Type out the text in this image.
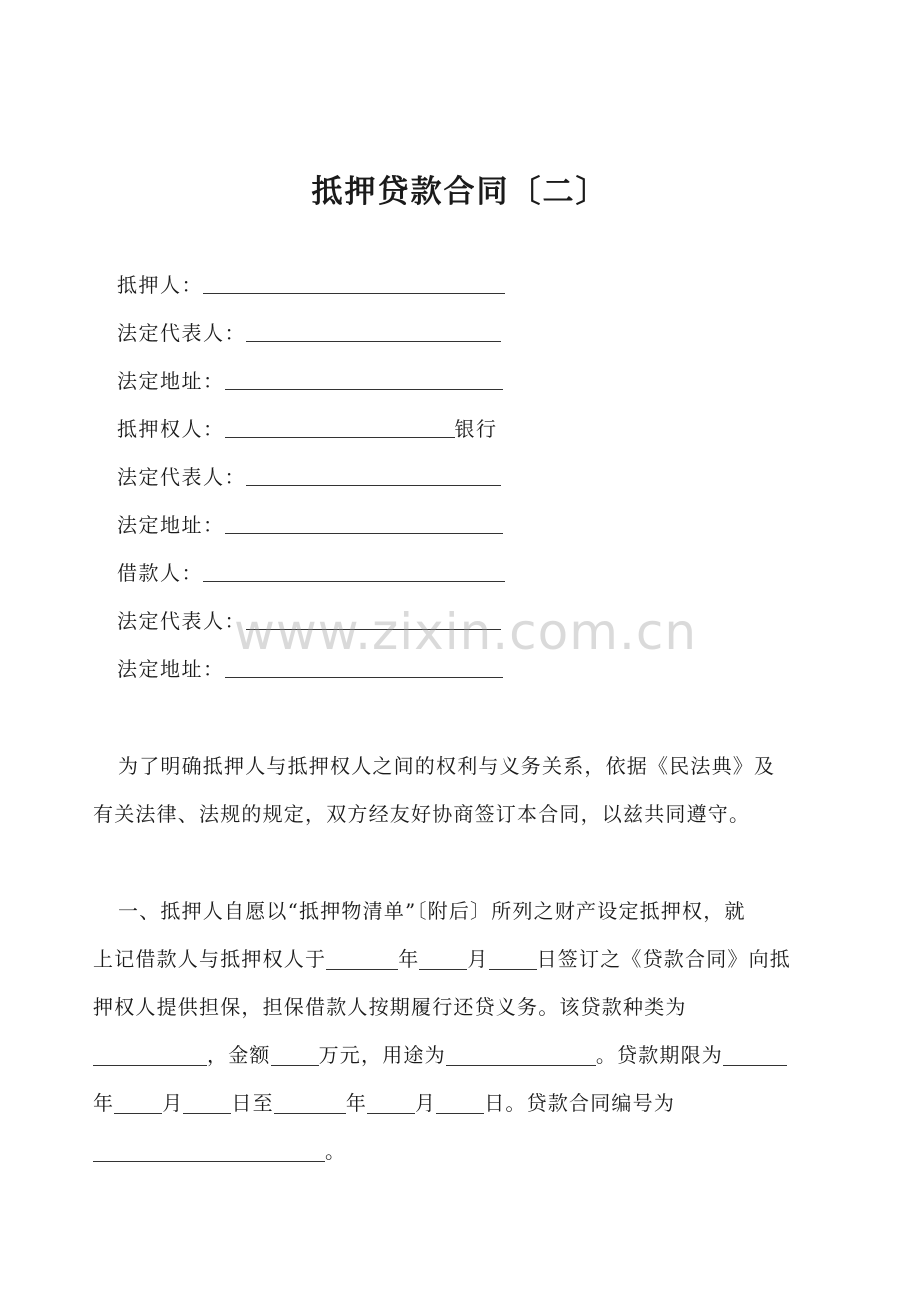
抵押贷款合同〔二〕
抵押人：
法定代表人：
法定地址：
抵押权人：	银行
法定代表人：
法定地址：
借款人：
法定代表人：
法定地址：
为了明确抵押人与抵押权人之间的权利与义务关系，依据《民法典》及
有关法律、法规的规定，双方经友好协商签订本合同，以兹共同遵守。
一、抵押人自愿以“抵押物清单”〔附后〕所列之财产设定抵押权，就
上记借款人与抵押权人于	年 月 日签订之《贷款合同》向抵
押权人提供担保，担保借款人按期履行还贷义务。该贷款种类为
，金额 万元，用途为	。贷款期限为
年 月 日至	年 月 日。贷款合同编号为
。
www.zixin.com.cn
